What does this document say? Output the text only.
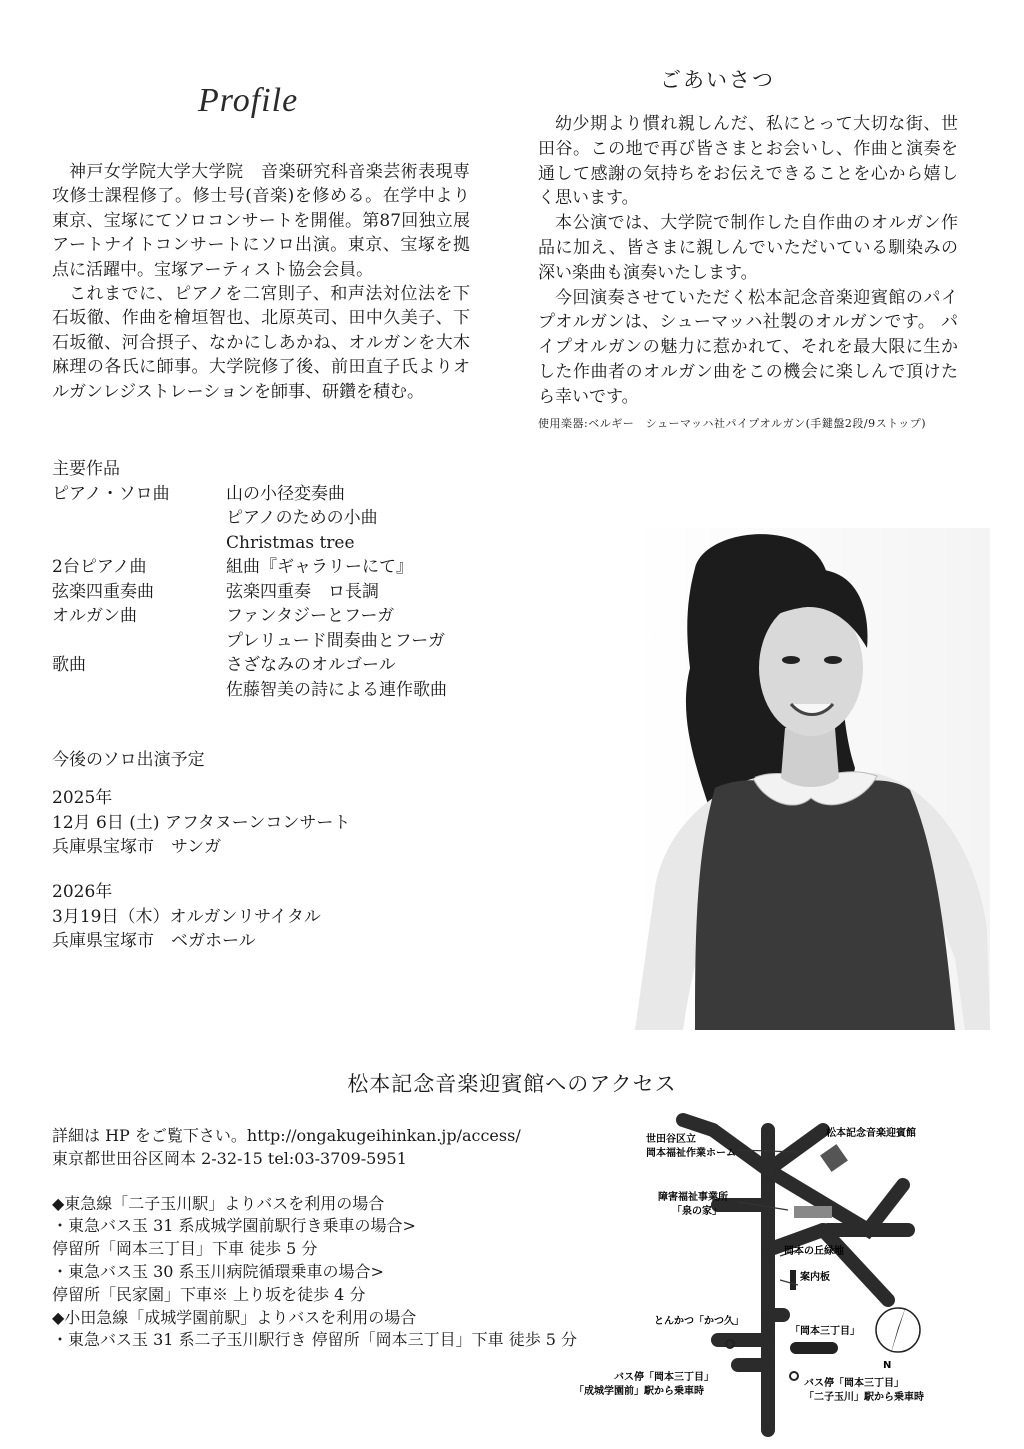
Profile

神戸女学院大学大学院　音楽研究科音楽芸術表現専攻修士課程修了。修士号(音楽)を修める。在学中より東京、宝塚にてソロコンサートを開催。第87回独立展アートナイトコンサートにソロ出演。東京、宝塚を拠点に活躍中。宝塚アーティスト協会会員。

これまでに、ピアノを二宮則子、和声法対位法を下石坂徹、作曲を檜垣智也、北原英司、田中久美子、下石坂徹、河合摂子、なかにしあかね、オルガンを大木麻理の各氏に師事。大学院修了後、前田直子氏よりオルガンレジストレーションを師事、研鑽を積む。

ごあいさつ

幼少期より慣れ親しんだ、私にとって大切な街、世田谷。この地で再び皆さまとお会いし、作曲と演奏を通して感謝の気持ちをお伝えできることを心から嬉しく思います。

本公演では、大学院で制作した自作曲のオルガン作品に加え、皆さまに親しんでいただいている馴染みの深い楽曲も演奏いたします。

今回演奏させていただく松本記念音楽迎賓館のパイプオルガンは、シューマッハ社製のオルガンです。 パイプオルガンの魅力に惹かれて、それを最大限に生かした作曲者のオルガン曲をこの機会に楽しんで頂けたら幸いです。

使用楽器:ベルギー　シューマッハ社パイプオルガン(手鍵盤2段/9ストップ)
主要作品
ピアノ・ソロ曲	山の小径変奏曲
	ピアノのための小曲
	Christmas tree
2台ピアノ曲	組曲『ギャラリーにて』
弦楽四重奏曲	弦楽四重奏　ロ長調
オルガン曲	ファンタジーとフーガ
	プレリュード間奏曲とフーガ
歌曲	さざなみのオルゴール
	佐藤智美の詩による連作歌曲
今後のソロ出演予定
2025年
12月 6日 (土) アフタヌーンコンサート
兵庫県宝塚市　サンガ
2026年
3月19日（木）オルガンリサイタル
兵庫県宝塚市　ベガホール
松本記念音楽迎賓館へのアクセス
詳細は HP をご覧下さい。http://ongakugeihinkan.jp/access/
東京都世田谷区岡本 2-32-15 tel:03-3709-5951
◆東急線「二子玉川駅」よりバスを利用の場合
・東急バス玉 31 系成城学園前駅行き乗車の場合>
停留所「岡本三丁目」下車 徒歩 5 分
・東急バス玉 30 系玉川病院循環乗車の場合>
停留所「民家園」下車※ 上り坂を徒歩 4 分
◆小田急線「成城学園前駅」よりバスを利用の場合
・東急バス玉 31 系二子玉川駅行き 停留所「岡本三丁目」下車 徒歩 5 分
松本記念音楽迎賓館
世田谷区立
岡本福祉作業ホーム
障害福祉事業所
「泉の家」
岡本の丘緑地
案内板
とんかつ「かつ久」
「岡本三丁目」
バス停「岡本三丁目」
「成城学園前」駅から乗車時
バス停「岡本三丁目」
「二子玉川」駅から乗車時
N
